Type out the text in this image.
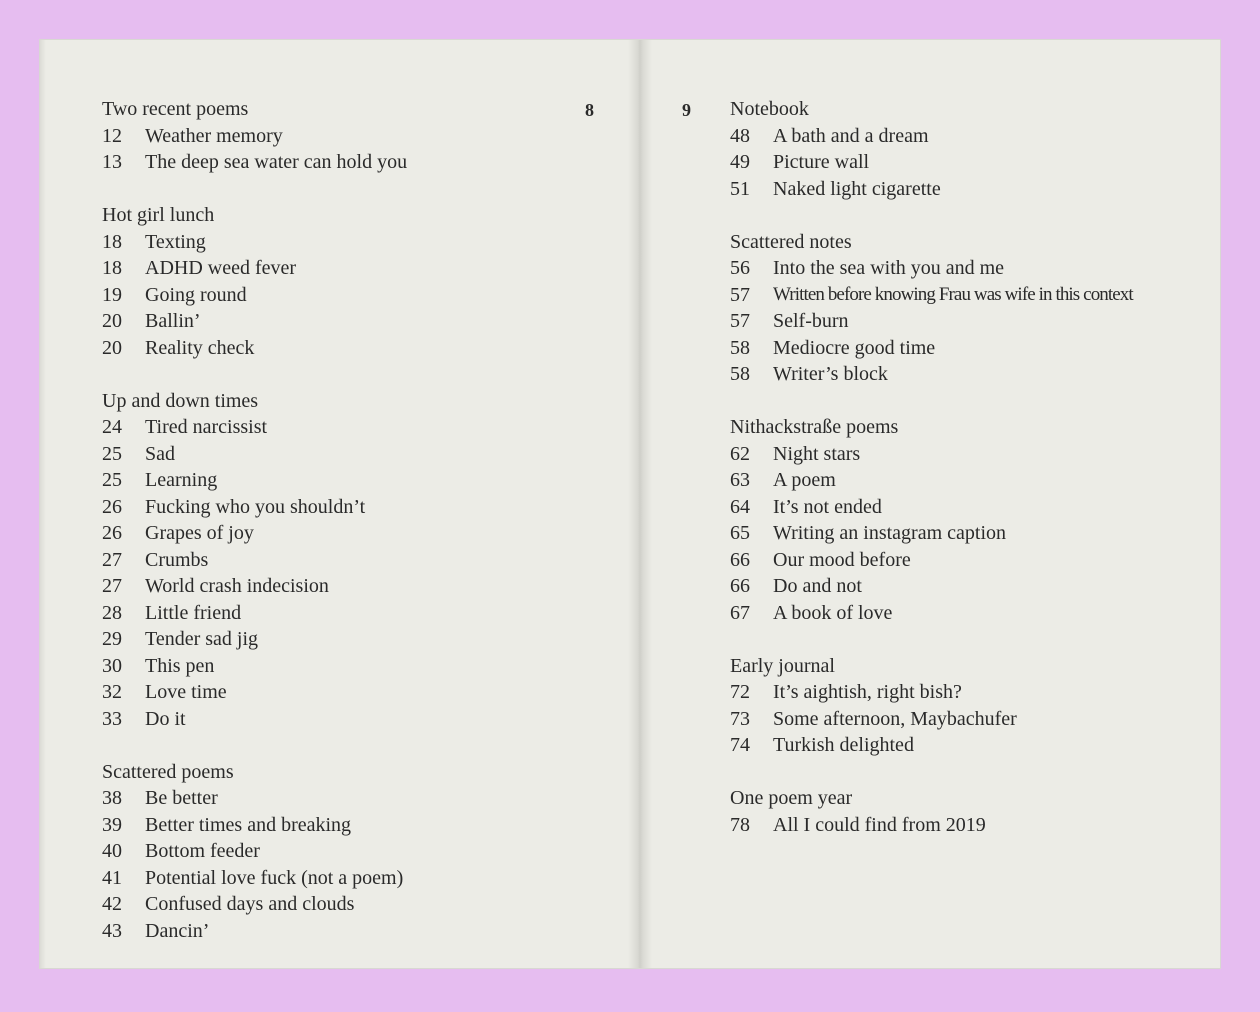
8
Two recent poems
12	Weather memory
13	The deep sea water can hold you
Hot girl lunch
18	Texting
18	ADHD weed fever
19	Going round
20	Ballin’
20	Reality check
Up and down times
24	Tired narcissist
25	Sad
25	Learning
26	Fucking who you shouldn’t
26	Grapes of joy
27	Crumbs
27	World crash indecision
28	Little friend
29	Tender sad jig
30	This pen
32	Love time
33	Do it
Scattered poems
38	Be better
39	Better times and breaking
40	Bottom feeder
41	Potential love fuck (not a poem)
42	Confused days and clouds
43	Dancin’
9 Notebook
48	A bath and a dream
49	Picture wall
51	Naked light cigarette
Scattered notes
56	Into the sea with you and me
57	Written before knowing Frau was wife in this context
57	Self-burn
58	Mediocre good time
58	Writer’s block
Nithackstraße poems
62	Night stars
63	A poem
64	It’s not ended
65	Writing an instagram caption
66	Our mood before
66	Do and not
67	A book of love
Early journal
72	It’s aightish, right bish?
73	Some afternoon, Maybachufer
74	Turkish delighted
One poem year
78	All I could find from 2019
